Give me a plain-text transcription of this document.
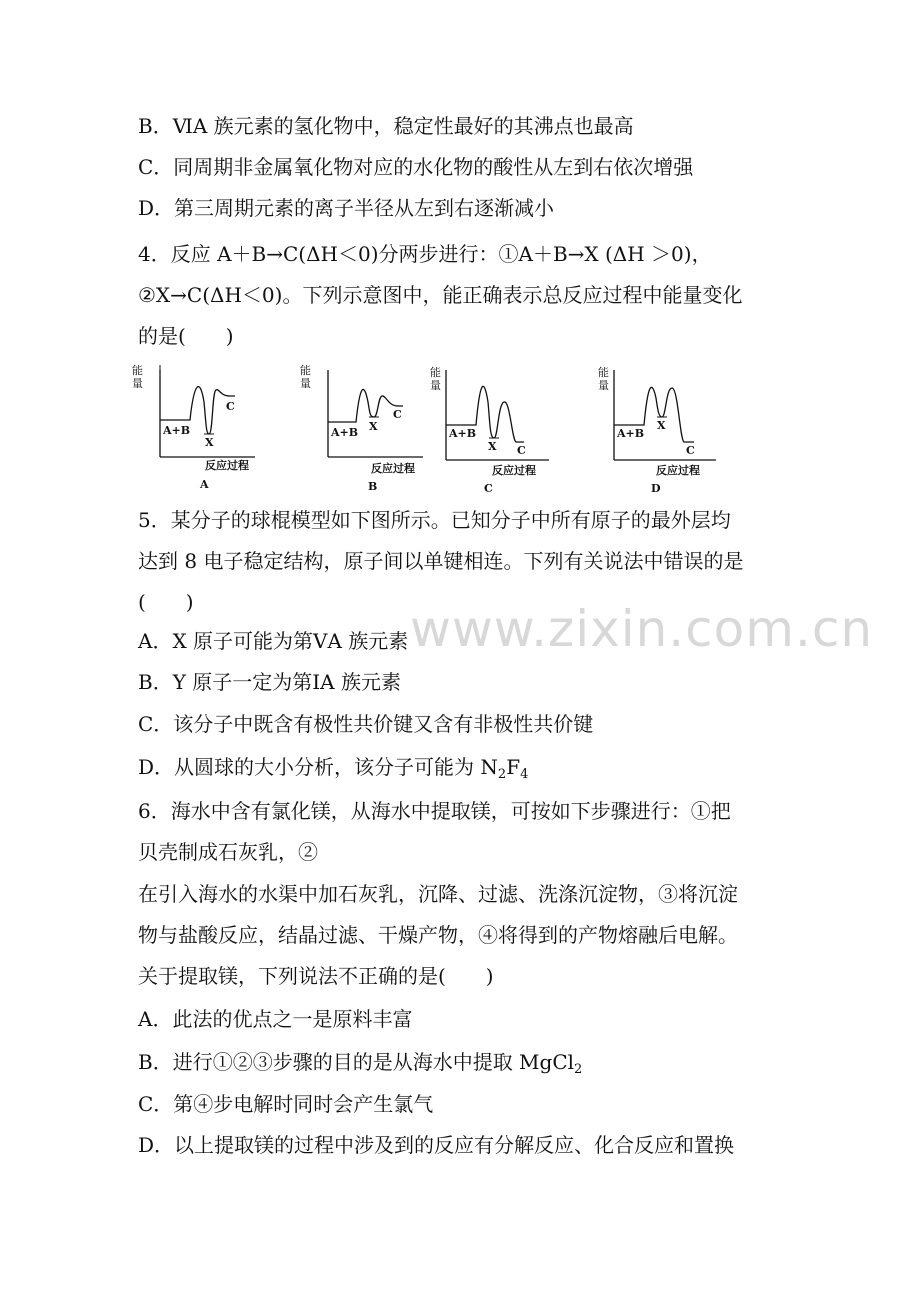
www.zixin.com.cn
B．ⅥA 族元素的氢化物中，稳定性最好的其沸点也最高
C．同周期非金属氧化物对应的水化物的酸性从左到右依次增强
D．第三周期元素的离子半径从左到右逐渐减小
4．反应 A＋B→C(ΔH＜0)分两步进行：①A＋B→X (ΔH ＞0)，
②X→C(ΔH＜0)。下列示意图中，能正确表示总反应过程中能量变化
的是(　　)
能
量
A+B
X
C
反应过程
A
能
量
A+B X
C
反应过程
B
能
量
A+B
X C
反应过程
C
能
量
A+B
X
C
反应过程
D
5．某分子的球棍模型如下图所示。已知分子中所有原子的最外层均
达到 8 电子稳定结构，原子间以单键相连。下列有关说法中错误的是
(　　)
A．X 原子可能为第ⅤA 族元素
B．Y 原子一定为第ⅠA 族元素
C．该分子中既含有极性共价键又含有非极性共价键
D．从圆球的大小分析，该分子可能为 $N_2F_4$
6．海水中含有氯化镁，从海水中提取镁，可按如下步骤进行：①把
贝壳制成石灰乳，②
在引入海水的水渠中加石灰乳，沉降、过滤、洗涤沉淀物，③将沉淀
物与盐酸反应，结晶过滤、干燥产物，④将得到的产物熔融后电解。
关于提取镁，下列说法不正确的是(　　)
A．此法的优点之一是原料丰富
B．进行①②③步骤的目的是从海水中提取 MgCl$_2$
C．第④步电解时同时会产生氯气
D．以上提取镁的过程中涉及到的反应有分解反应、化合反应和置换
